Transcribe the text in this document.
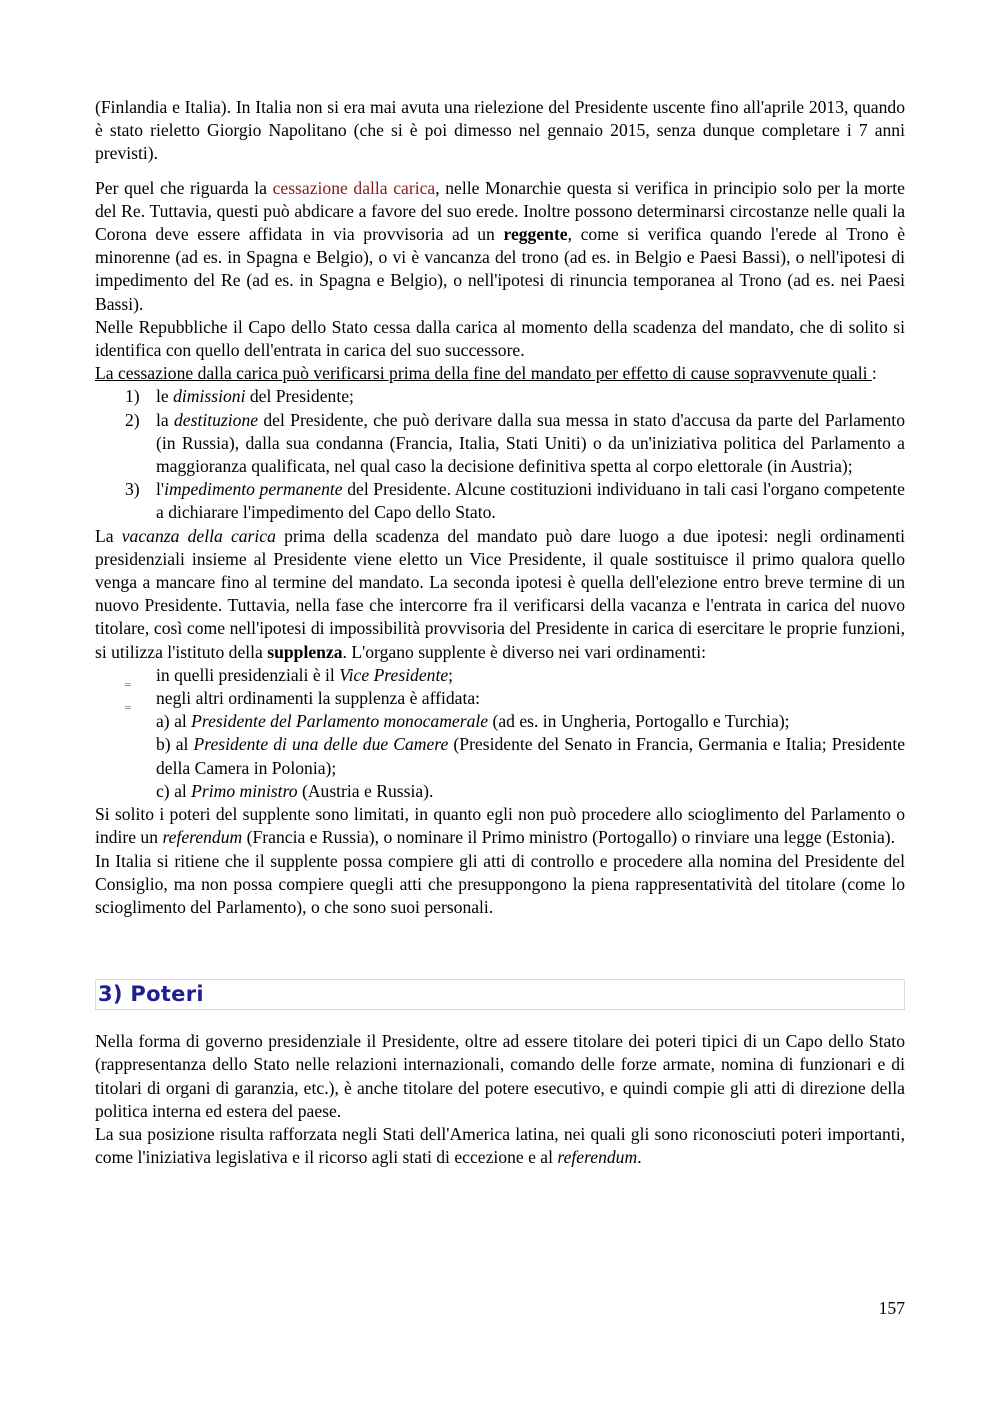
(Finlandia e Italia). In Italia non si era mai avuta una rielezione del Presidente uscente fino all'aprile 2013, quando è stato rieletto Giorgio Napolitano (che si è poi dimesso nel gennaio 2015, senza dunque completare i 7 anni previsti).

Per quel che riguarda la cessazione dalla carica, nelle Monarchie questa si verifica in principio solo per la morte del Re. Tuttavia, questi può abdicare a favore del suo erede. Inoltre possono determinarsi circostanze nelle quali la Corona deve essere affidata in via provvisoria ad un reggente, come si verifica quando l'erede al Trono è minorenne (ad es. in Spagna e Belgio), o vi è vancanza del trono (ad es. in Belgio e Paesi Bassi), o nell'ipotesi di impedimento del Re (ad es. in Spagna e Belgio), o nell'ipotesi di rinuncia temporanea al Trono (ad es. nei Paesi Bassi).

Nelle Repubbliche il Capo dello Stato cessa dalla carica al momento della scadenza del mandato, che di solito si identifica con quello dell'entrata in carica del suo successore.

La cessazione dalla carica può verificarsi prima della fine del mandato per effetto di cause sopravvenute quali :

1) le dimissioni del Presidente;
2) la destituzione del Presidente, che può derivare dalla sua messa in stato d'accusa da parte del Parlamento (in Russia), dalla sua condanna (Francia, Italia, Stati Uniti) o da un'iniziativa politica del Parlamento a maggioranza qualificata, nel qual caso la decisione definitiva spetta al corpo elettorale (in Austria);
3) l'impedimento permanente del Presidente. Alcune costituzioni individuano in tali casi l'organo competente a dichiarare l'impedimento del Capo dello Stato.

La vacanza della carica prima della scadenza del mandato può dare luogo a due ipotesi: negli ordinamenti presidenziali insieme al Presidente viene eletto un Vice Presidente, il quale sostituisce il primo qualora quello venga a mancare fino al termine del mandato. La seconda ipotesi è quella dell'elezione entro breve termine di un nuovo Presidente. Tuttavia, nella fase che intercorre fra il verificarsi della vacanza e l'entrata in carica del nuovo titolare, così come nell'ipotesi di impossibilità provvisoria del Presidente in carica di esercitare le proprie funzioni, si utilizza l'istituto della supplenza. L'organo supplente è diverso nei vari ordinamenti:

‗ in quelli presidenziali è il Vice Presidente;
‗ negli altri ordinamenti la supplenza è affidata:

a) al Presidente del Parlamento monocamerale (ad es. in Ungheria, Portogallo e Turchia);

b) al Presidente di una delle due Camere (Presidente del Senato in Francia, Germania e Italia; Presidente della Camera in Polonia);

c) al Primo ministro (Austria e Russia).

Si solito i poteri del supplente sono limitati, in quanto egli non può procedere allo scioglimento del Parlamento o indire un referendum (Francia e Russia), o nominare il Primo ministro (Portogallo) o rinviare una legge (Estonia).

In Italia si ritiene che il supplente possa compiere gli atti di controllo e procedere alla nomina del Presidente del Consiglio, ma non possa compiere quegli atti che presuppongono la piena rappresentatività del titolare (come lo scioglimento del Parlamento), o che sono suoi personali.

3) Poteri

Nella forma di governo presidenziale il Presidente, oltre ad essere titolare dei poteri tipici di un Capo dello Stato (rappresentanza dello Stato nelle relazioni internazionali, comando delle forze armate, nomina di funzionari e di titolari di organi di garanzia, etc.), è anche titolare del potere esecutivo, e quindi compie gli atti di direzione della politica interna ed estera del paese.

La sua posizione risulta rafforzata negli Stati dell'America latina, nei quali gli sono riconosciuti poteri importanti, come l'iniziativa legislativa e il ricorso agli stati di eccezione e al referendum.

157
